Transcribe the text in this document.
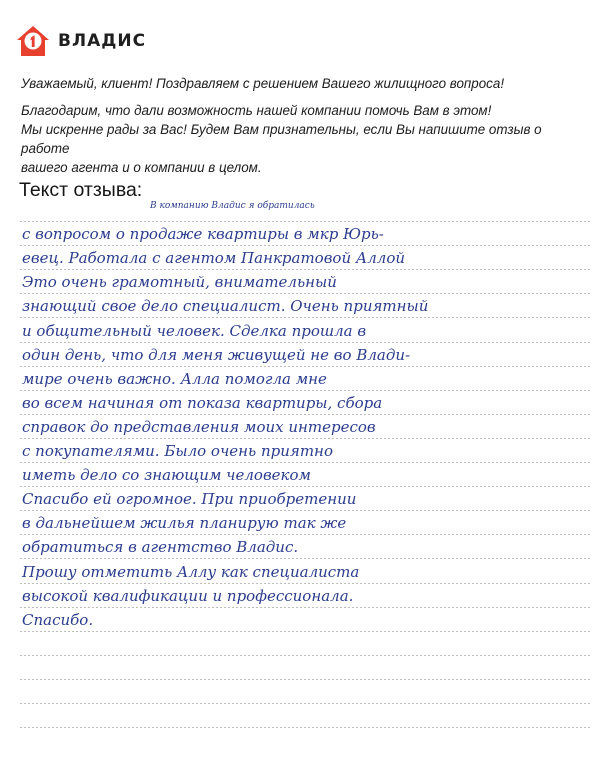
ВЛАДИС

Уважаемый, клиент! Поздравляем с решением Вашего жилищного вопроса!

Благодарим, что дали возможность нашей компании помочь Вам в этом!

Мы искренне рады за Вас! Будем Вам признательны, если Вы напишите отзыв о работе

вашего агента и о компании в целом.

Текст отзыва:
В компанию Владис я обратилась
с вопросом о продаже квартиры в мкр Юрь-
евец. Работала с агентом Панкратовой Аллой
Это очень грамотный, внимательный
знающий свое дело специалист. Очень приятный
и общительный человек. Сделка прошла в
один день, что для меня живущей не во Влади-
мире очень важно. Алла помогла мне
во всем начиная от показа квартиры, сбора
справок до представления моих интересов
с покупателями. Было очень приятно
иметь дело со знающим человеком
Спасибо ей огромное. При приобретении
в дальнейшем жилья планирую так же
обратиться в агентство Владис.
Прошу отметить Аллу как специалиста
высокой квалификации и профессионала.
Спасибо.
